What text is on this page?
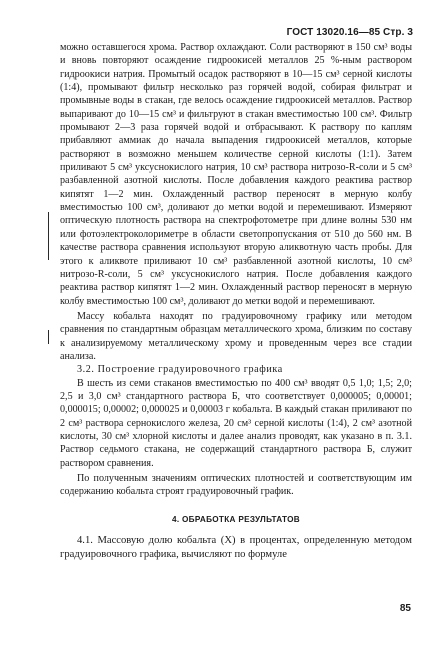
ГОСТ 13020.16—85 Стр. 3

можно оставшегося хрома. Раствор охлаждают. Соли растворяют в 150 см³ воды и вновь повторяют осаждение гидроокисей металлов 25 %-ным раствором гидроокиси натрия. Промытый осадок растворяют в 10—15 см³ серной кислоты (1:4), промывают фильтр несколько раз горячей водой, собирая фильтрат и промывные воды в стакан, где велось осаждение гидроокисей металлов. Раствор выпаривают до 10—15 см³ и фильтруют в стакан вместимостью 100 см³. Фильтр промывают 2—3 раза горячей водой и отбрасывают. К раствору по каплям прибавляют аммиак до начала выпадения гидроокисей металлов, которые растворяют в возможно меньшем количестве серной кислоты (1:1). Затем приливают 5 см³ уксуснокислого натрия, 10 см³ раствора нитрозо-R-соли и 5 см³ разбавленной азотной кислоты. После добавления каждого реактива раствор кипятят 1—2 мин. Охлажденный раствор переносят в мерную колбу вместимостью 100 см³, доливают до метки водой и перемешивают. Измеряют оптическую плотность раствора на спектрофотометре при длине волны 530 нм или фотоэлектроколориметре в области светопропускания от 510 до 560 нм. В качестве раствора сравнения используют вторую аликвотную часть пробы. Для этого к аликвоте приливают 10 см³ разбавленной азотной кислоты, 10 см³ нитрозо-R-соли, 5 см³ уксуснокислого натрия. После добавления каждого реактива раствор кипятят 1—2 мин. Охлажденный раствор переносят в мерную колбу вместимостью 100 см³, доливают до метки водой и перемешивают.

Массу кобальта находят по градуировочному графику или методом сравнения по стандартным образцам металлического хрома, близким по составу к анализируемому металлическому хрому и проведенным через все стадии анализа.

3.2. Построение градуировочного графика

В шесть из семи стаканов вместимостью по 400 см³ вводят 0,5 1,0; 1,5; 2,0; 2,5 и 3,0 см³ стандартного раствора Б, что соответствует 0,000005; 0,00001; 0,000015; 0,00002; 0,000025 и 0,00003 г кобальта. В каждый стакан приливают по 2 см³ раствора сернокислого железа, 20 см³ серной кислоты (1:4), 2 см³ азотной кислоты, 30 см³ хлорной кислоты и далее анализ проводят, как указано в п. 3.1. Раствор седьмого стакана, не содержащий стандартного раствора Б, служит раствором сравнения.

По полученным значениям оптических плотностей и соответствующим им содержанию кобальта строят градуировочный график.

4. ОБРАБОТКА РЕЗУЛЬТАТОВ

4.1. Массовую долю кобальта (X) в процентах, определенную методом градуировочного графика, вычисляют по формуле

85
